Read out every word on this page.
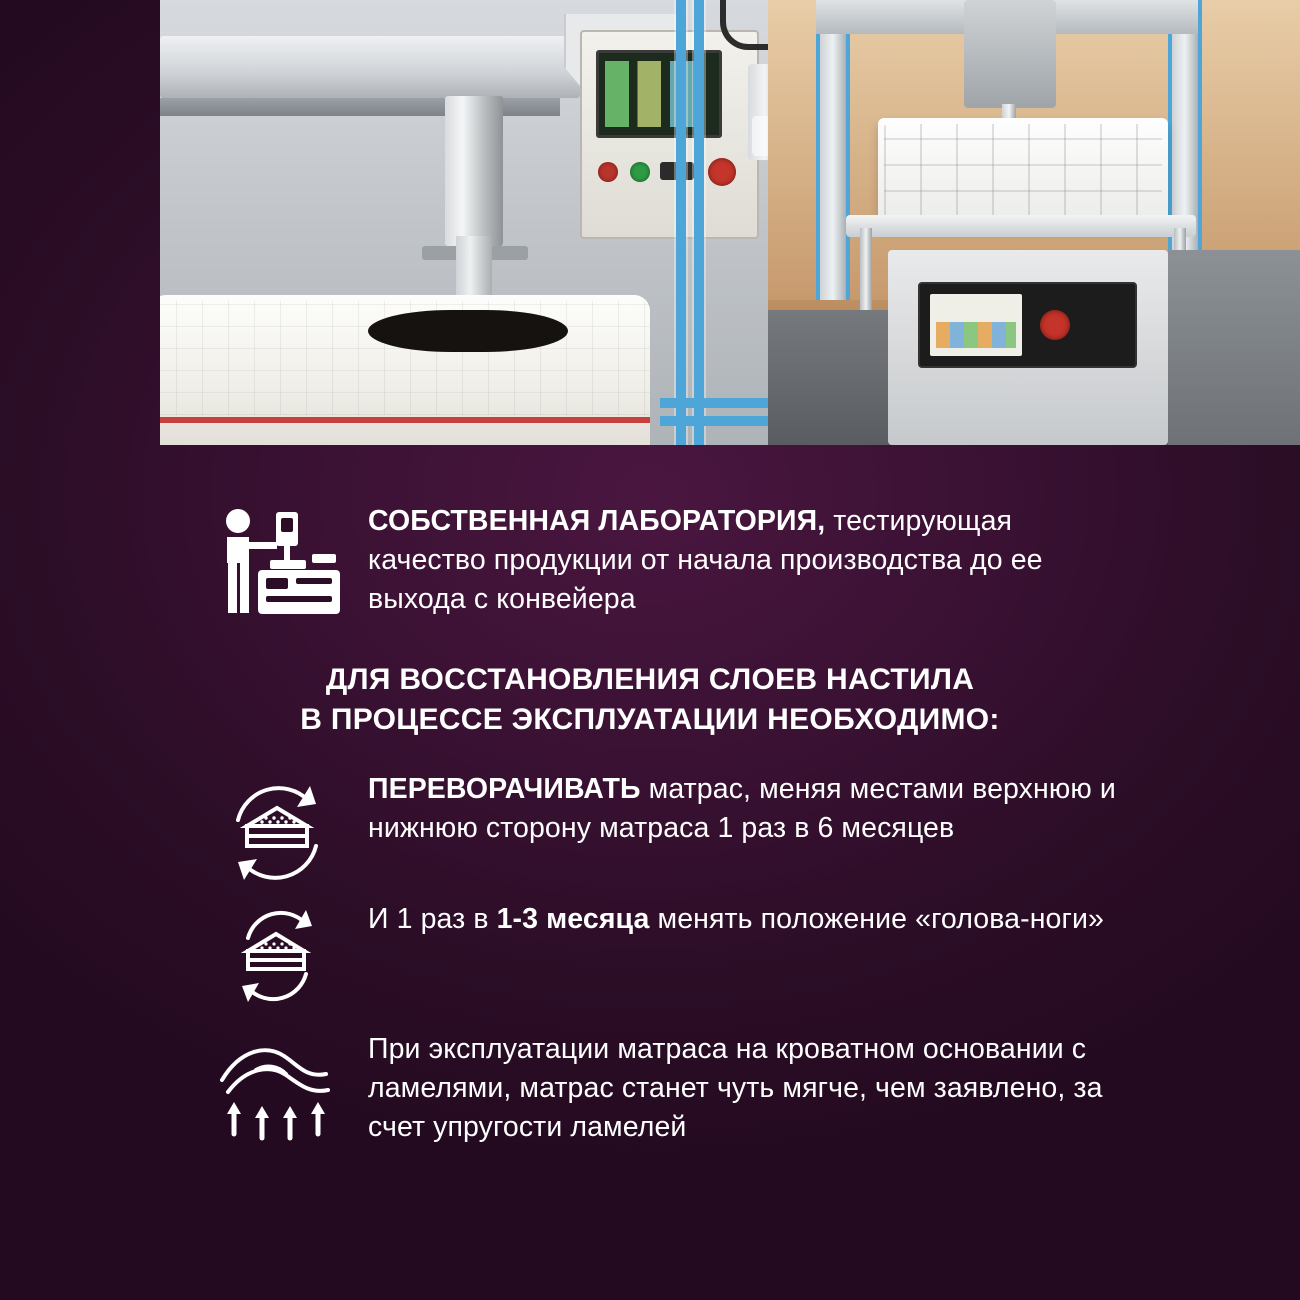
СОБСТВЕННАЯ ЛАБОРАТОРИЯ, тестирующая качество продукции от начала производства до ее выхода с конвейера
ДЛЯ ВОССТАНОВЛЕНИЯ СЛОЕВ НАСТИЛА
В ПРОЦЕССЕ ЭКСПЛУАТАЦИИ НЕОБХОДИМО:
ПЕРЕВОРАЧИВАТЬ матрас, меняя местами верхнюю и нижнюю сторону матраса 1 раз в 6 месяцев
И 1 раз в 1-3 месяца менять положение «голова-ноги»
При эксплуатации матраса на кроватном основании с ламелями, матрас станет чуть мягче, чем заявлено, за счет упругости ламелей
